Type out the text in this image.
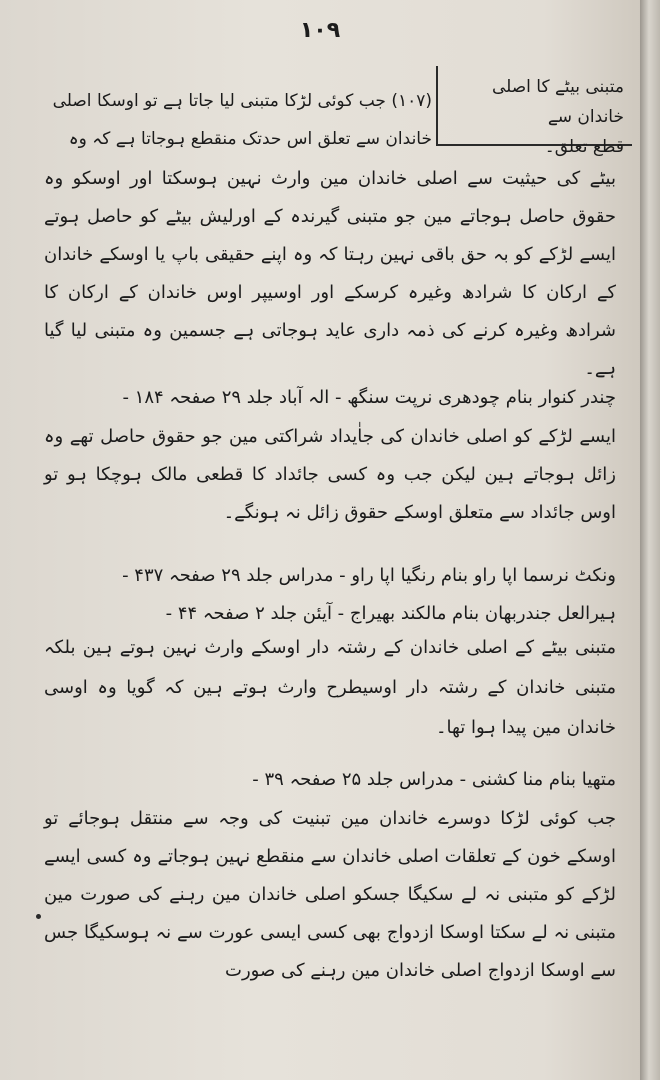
۱۰۹
متبنی بیٹے کا اصلی خاندان سے
قطع تعلق۔
(۱۰۷) جب کوئی لڑکا متبنی لیا جاتا ہے تو اوسکا اصلی
خاندان سے تعلق اس حدتک منقطع ہوجاتا ہے کہ وہ
بیٹے کی حیثیت سے اصلی خاندان مین وارث نہین ہوسکتا اور اوسکو وہ حقوق حاصل ہوجاتے مین جو متبنی گیرندہ کے اورلیش بیٹے کو حاصل ہوتے ایسے لڑکے کو بہ حق باقی نہین رہتا کہ وہ اپنے حقیقی باپ یا اوسکے خاندان کے ارکان کا شرادھ وغیرہ کرسکے اور اوسیپر اوس خاندان کے ارکان کا شرادھ وغیرہ کرنے کی ذمہ داری عاید ہوجاتی ہے جسمین وہ متبنی لیا گیا ہے۔
چندر کنوار بنام چودھری نرپت سنگھ - الہ آباد جلد ۲۹ صفحہ ۱۸۴ -
ایسے لڑکے کو اصلی خاندان کی جاٰیداد شراکتی مین جو حقوق حاصل تھے وہ زائل ہوجاتے ہین لیکن جب وہ کسی جائداد کا قطعی مالک ہوچکا ہو تو اوس جائداد سے متعلق اوسکے حقوق زائل نہ ہونگے۔
ونکٹ نرسما اپا راو بنام رنگیا اپا راو - مدراس جلد ۲۹ صفحہ ۴۳۷ -
ہیرالعل جندربھان بنام مالکند بھیراج - آیئن جلد ۲ صفحہ ۴۴ -
متبنی بیٹے کے اصلی خاندان کے رشتہ دار اوسکے وارث نہین ہوتے ہین بلکہ متبنی خاندان کے رشتہ دار اوسیطرح وارث ہوتے ہین کہ گویا وہ اوسی خاندان مین پیدا ہوا تھا۔
متھیا بنام منا کشنی - مدراس جلد ۲۵ صفحہ ۳۹ -
جب کوئی لڑکا دوسرے خاندان مین تبنیت کی وجہ سے منتقل ہوجائے تو اوسکے خون کے تعلقات اصلی خاندان سے منقطع نہین ہوجاتے وہ کسی ایسے لڑکے کو متبنی نہ لے سکیگا جسکو اصلی خاندان مین رہنے کی صورت مین متبنی نہ لے سکتا اوسکا ازدواج بھی کسی ایسی عورت سے نہ ہوسکیگا جس سے اوسکا ازدواج اصلی خاندان مین رہنے کی صورت
